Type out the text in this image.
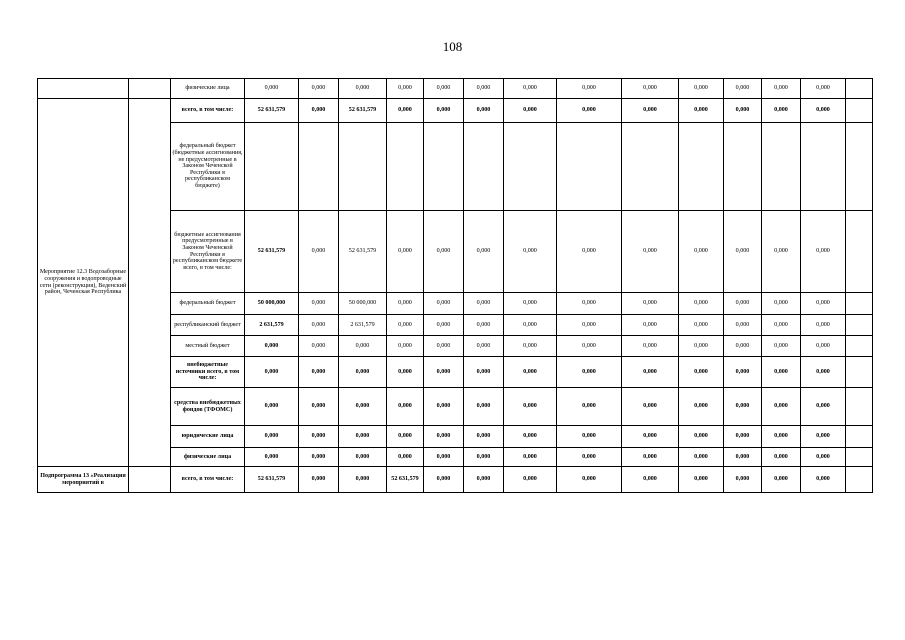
108
		физические лица	0,000	0,000	0,000	0,000	0,000	0,000	0,000	0,000	0,000	0,000	0,000	0,000	0,000	
Мероприятие 12.3 Водозаборные сооружения и водопроводные сети (реконструкция), Веденский район, Чеченская Республика		всего, в том числе:	52 631,579	0,000	52 631,579	0,000	0,000	0,000	0,000	0,000	0,000	0,000	0,000	0,000	0,000	
		федеральный бюджет (бюджетные ассигнования, не предусмотренные в Законом Чеченской Республики в республиканском бюджете)														
		бюджетные ассигнования предусмотренные в Законом Чеченской Республики в республиканском бюджете всего, в том числе:	52 631,579	0,000	52 631,579	0,000	0,000	0,000	0,000	0,000	0,000	0,000	0,000	0,000	0,000	
		федеральный бюджет	50 000,000	0,000	50 000,000	0,000	0,000	0,000	0,000	0,000	0,000	0,000	0,000	0,000	0,000	
		республиканский бюджет	2 631,579	0,000	2 631,579	0,000	0,000	0,000	0,000	0,000	0,000	0,000	0,000	0,000	0,000	
		местный бюджет	0,000	0,000	0,000	0,000	0,000	0,000	0,000	0,000	0,000	0,000	0,000	0,000	0,000	
		внебюджетные источники всего, в том числе:	0,000	0,000	0,000	0,000	0,000	0,000	0,000	0,000	0,000	0,000	0,000	0,000	0,000	
		средства внебюджетных фондов (ТФОМС)	0,000	0,000	0,000	0,000	0,000	0,000	0,000	0,000	0,000	0,000	0,000	0,000	0,000	
		юридические лица	0,000	0,000	0,000	0,000	0,000	0,000	0,000	0,000	0,000	0,000	0,000	0,000	0,000	
		физические лица	0,000	0,000	0,000	0,000	0,000	0,000	0,000	0,000	0,000	0,000	0,000	0,000	0,000	
Подпрограмма 13 «Реализация мероприятий в		всего, в том числе:	52 631,579	0,000	0,000	52 631,579	0,000	0,000	0,000	0,000	0,000	0,000	0,000	0,000	0,000	
